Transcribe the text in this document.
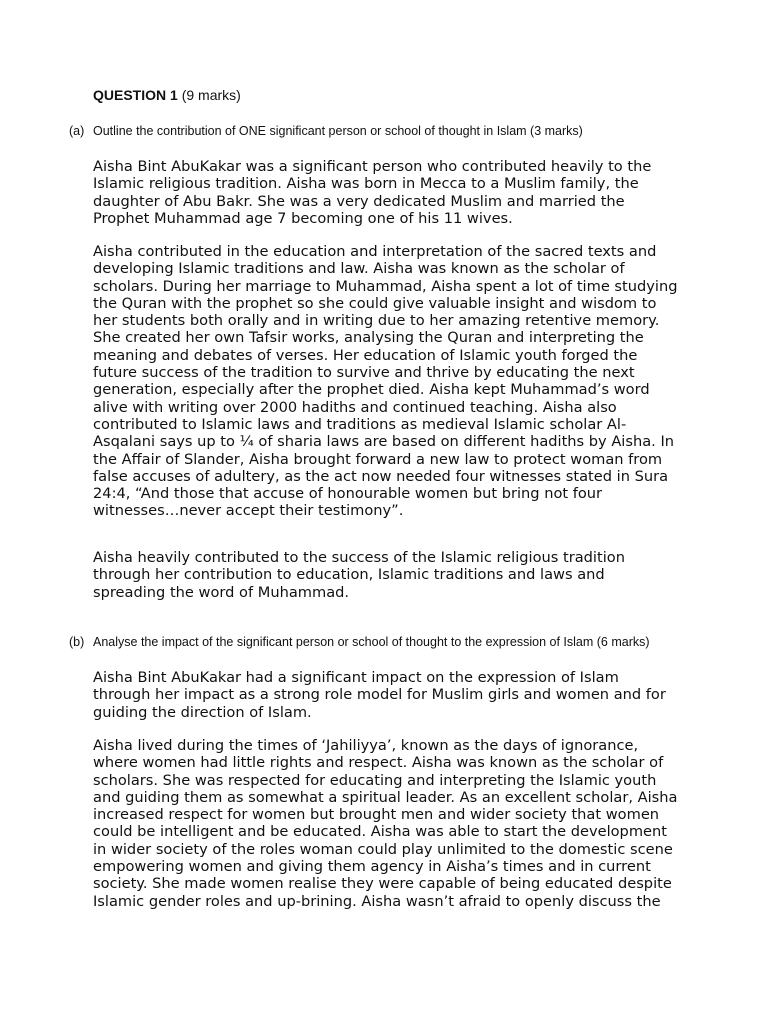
QUESTION 1 (9 marks)
(a) Outline the contribution of ONE significant person or school of thought in Islam (3 marks)

Aisha Bint AbuKakar was a significant person who contributed heavily to the Islamic religious tradition. Aisha was born in Mecca to a Muslim family, the daughter of Abu Bakr. She was a very dedicated Muslim and married the Prophet Muhammad age 7 becoming one of his 11 wives.

Aisha contributed in the education and interpretation of the sacred texts and developing Islamic traditions and law. Aisha was known as the scholar of scholars. During her marriage to Muhammad, Aisha spent a lot of time studying the Quran with the prophet so she could give valuable insight and wisdom to her students both orally and in writing due to her amazing retentive memory. She created her own Tafsir works, analysing the Quran and interpreting the meaning and debates of verses. Her education of Islamic youth forged the future success of the tradition to survive and thrive by educating the next generation, especially after the prophet died. Aisha kept Muhammad’s word alive with writing over 2000 hadiths and continued teaching. Aisha also contributed to Islamic laws and traditions as medieval Islamic scholar Al-Asqalani says up to ¼ of sharia laws are based on different hadiths by Aisha. In the Affair of Slander, Aisha brought forward a new law to protect woman from false accuses of adultery, as the act now needed four witnesses stated in Sura 24:4, “And those that accuse of honourable women but bring not four witnesses…never accept their testimony”.

Aisha heavily contributed to the success of the Islamic religious tradition through her contribution to education, Islamic traditions and laws and spreading the word of Muhammad.

(b) Analyse the impact of the significant person or school of thought to the expression of Islam (6 marks)

Aisha Bint AbuKakar had a significant impact on the expression of Islam through her impact as a strong role model for Muslim girls and women and for guiding the direction of Islam.

Aisha lived during the times of ‘Jahiliyya’, known as the days of ignorance, where women had little rights and respect. Aisha was known as the scholar of scholars. She was respected for educating and interpreting the Islamic youth and guiding them as somewhat a spiritual leader. As an excellent scholar, Aisha increased respect for women but brought men and wider society that women could be intelligent and be educated. Aisha was able to start the development in wider society of the roles woman could play unlimited to the domestic scene empowering women and giving them agency in Aisha’s times and in current society. She made women realise they were capable of being educated despite Islamic gender roles and up-brining. Aisha wasn’t afraid to openly discuss the
